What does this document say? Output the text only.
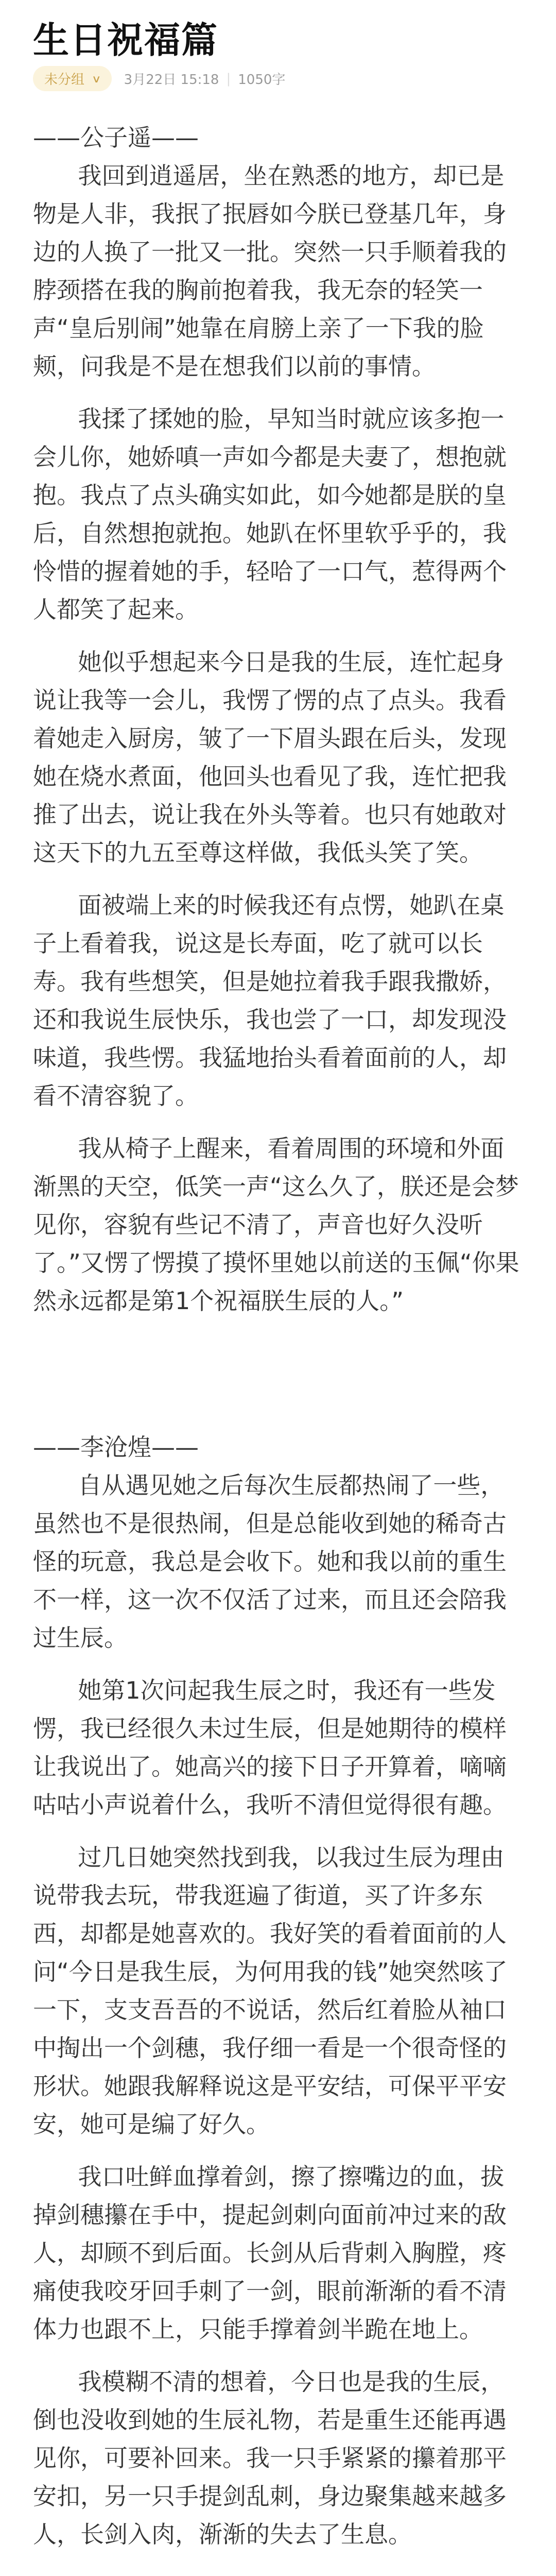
生日祝福篇
未分组 ∨ 3月22日 15:18 | 1050字

——公子遥——

我回到逍遥居，坐在熟悉的地方，却已是物是人非，我抿了抿唇如今朕已登基几年，身边的人换了一批又一批。突然一只手顺着我的脖颈搭在我的胸前抱着我，我无奈的轻笑一声“皇后别闹”她靠在肩膀上亲了一下我的脸颊，问我是不是在想我们以前的事情。

我揉了揉她的脸，早知当时就应该多抱一会儿你，她娇嗔一声如今都是夫妻了，想抱就抱。我点了点头确实如此，如今她都是朕的皇后，自然想抱就抱。她趴在怀里软乎乎的，我怜惜的握着她的手，轻哈了一口气，惹得两个人都笑了起来。

她似乎想起来今日是我的生辰，连忙起身说让我等一会儿，我愣了愣的点了点头。我看着她走入厨房，皱了一下眉头跟在后头，发现她在烧水煮面，他回头也看见了我，连忙把我推了出去，说让我在外头等着。也只有她敢对这天下的九五至尊这样做，我低头笑了笑。

面被端上来的时候我还有点愣，她趴在桌子上看着我，说这是长寿面，吃了就可以长寿。我有些想笑，但是她拉着我手跟我撒娇，还和我说生辰快乐，我也尝了一口，却发现没味道，我些愣。我猛地抬头看着面前的人，却看不清容貌了。

我从椅子上醒来，看着周围的环境和外面渐黑的天空，低笑一声“这么久了，朕还是会梦见你，容貌有些记不清了，声音也好久没听了。”又愣了愣摸了摸怀里她以前送的玉佩“你果然永远都是第1个祝福朕生辰的人。”

——李沧煌——

自从遇见她之后每次生辰都热闹了一些，虽然也不是很热闹，但是总能收到她的稀奇古怪的玩意，我总是会收下。她和我以前的重生不一样，这一次不仅活了过来，而且还会陪我过生辰。

她第1次问起我生辰之时，我还有一些发愣，我已经很久未过生辰，但是她期待的模样让我说出了。她高兴的接下日子开算着，嘀嘀咕咕小声说着什么，我听不清但觉得很有趣。

过几日她突然找到我，以我过生辰为理由说带我去玩，带我逛遍了街道，买了许多东西，却都是她喜欢的。我好笑的看着面前的人问“今日是我生辰，为何用我的钱”她突然咳了一下，支支吾吾的不说话，然后红着脸从袖口中掏出一个剑穗，我仔细一看是一个很奇怪的形状。她跟我解释说这是平安结，可保平平安安，她可是编了好久。

我口吐鲜血撑着剑，擦了擦嘴边的血，拔掉剑穗攥在手中，提起剑刺向面前冲过来的敌人，却顾不到后面。长剑从后背刺入胸膛，疼痛使我咬牙回手刺了一剑，眼前渐渐的看不清体力也跟不上，只能手撑着剑半跪在地上。

我模糊不清的想着，今日也是我的生辰，倒也没收到她的生辰礼物，若是重生还能再遇见你，可要补回来。我一只手紧紧的攥着那平安扣，另一只手提剑乱刺，身边聚集越来越多人，长剑入肉，渐渐的失去了生息。
